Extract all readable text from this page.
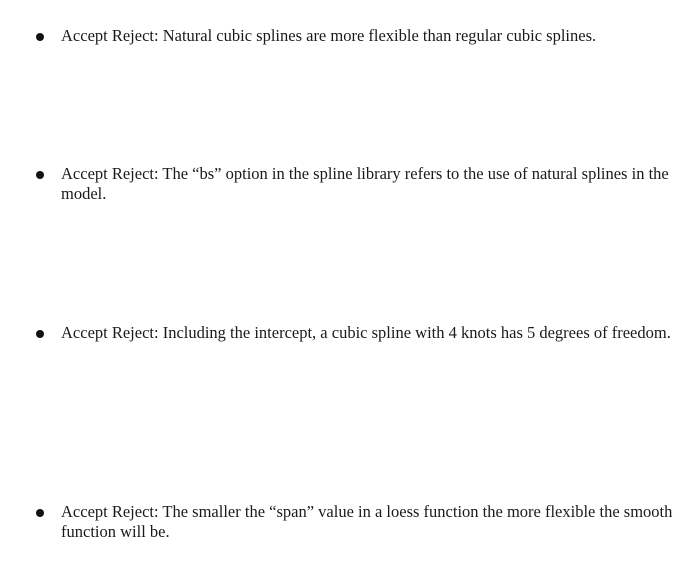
Accept Reject: Natural cubic splines are more flexible than regular cubic splines.
Accept Reject: The “bs” option in the spline library refers to the use of natural splines in the model.
Accept Reject: Including the intercept, a cubic spline with 4 knots has 5 degrees of freedom.
Accept Reject: The smaller the “span” value in a loess function the more flexible the smooth function will be.
